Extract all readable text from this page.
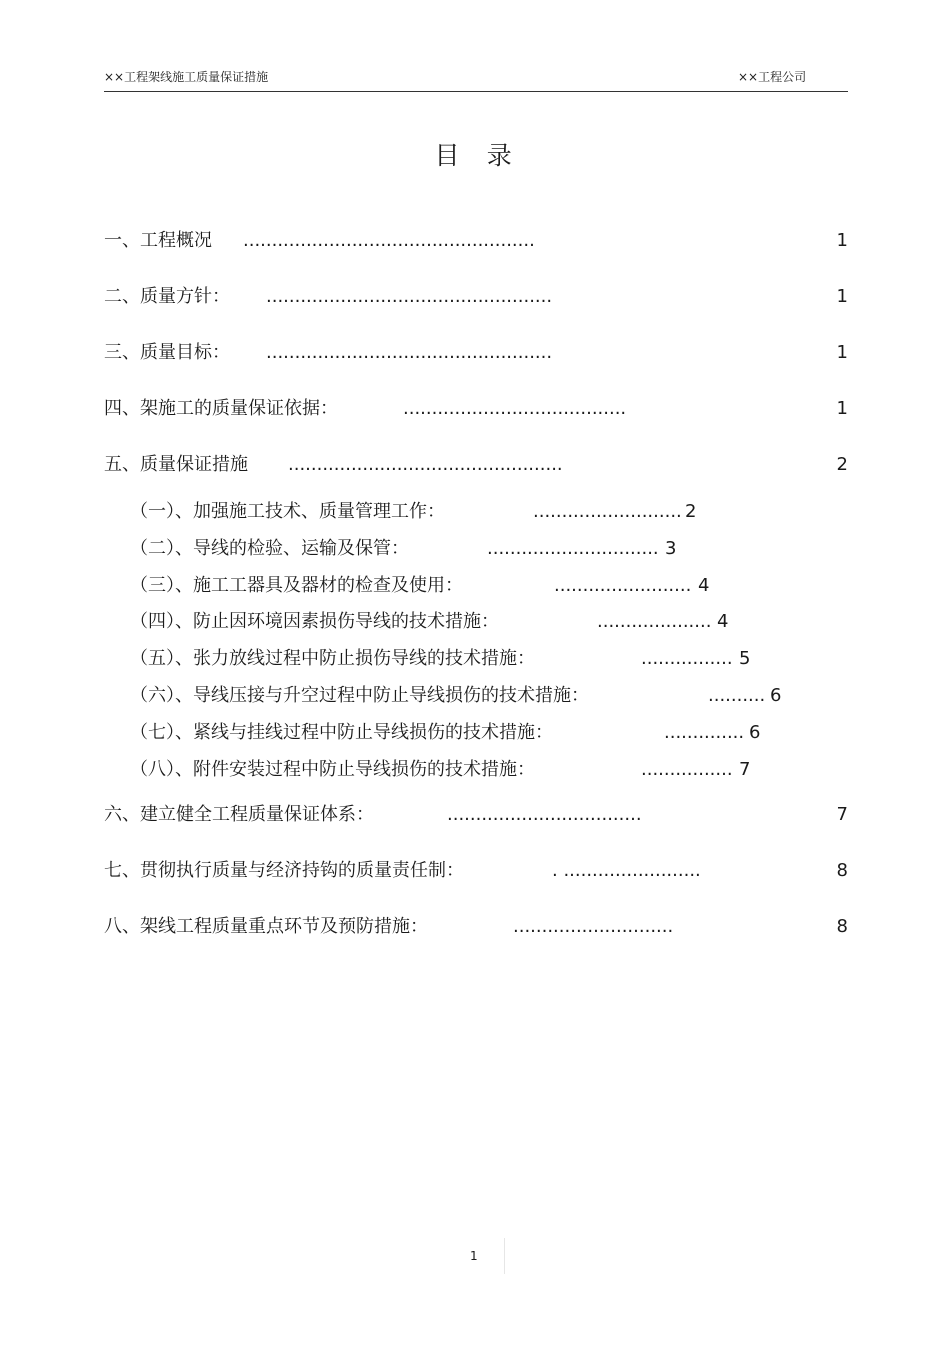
××工程架线施工质量保证措施	××工程公司
目  录
一、工程概况 ...................................................	1
二、质量方针： ..................................................	1
三、质量目标： ..................................................	1
四、架施工的质量保证依据：	.......................................	1
五、质量保证措施 ................................................	2
（一）、加强施工技术、质量管理工作：	.......................... 2
（二）、导线的检验、运输及保管：	.............................. 3
（三）、施工工器具及器材的检查及使用：	........................ 4
（四）、防止因环境因素损伤导线的技术措施：	.................... 4
（五）、张力放线过程中防止损伤导线的技术措施：	................ 5
（六）、导线压接与升空过程中防止导线损伤的技术措施：	.......... 6
（七）、紧线与挂线过程中防止导线损伤的技术措施：	.............. 6
（八）、附件安装过程中防止导线损伤的技术措施：	................ 7
六、建立健全工程质量保证体系：	..................................	7
七、贯彻执行质量与经济持钩的质量责任制：	. ........................	8
八、架线工程质量重点环节及预防措施：	............................	8
1
